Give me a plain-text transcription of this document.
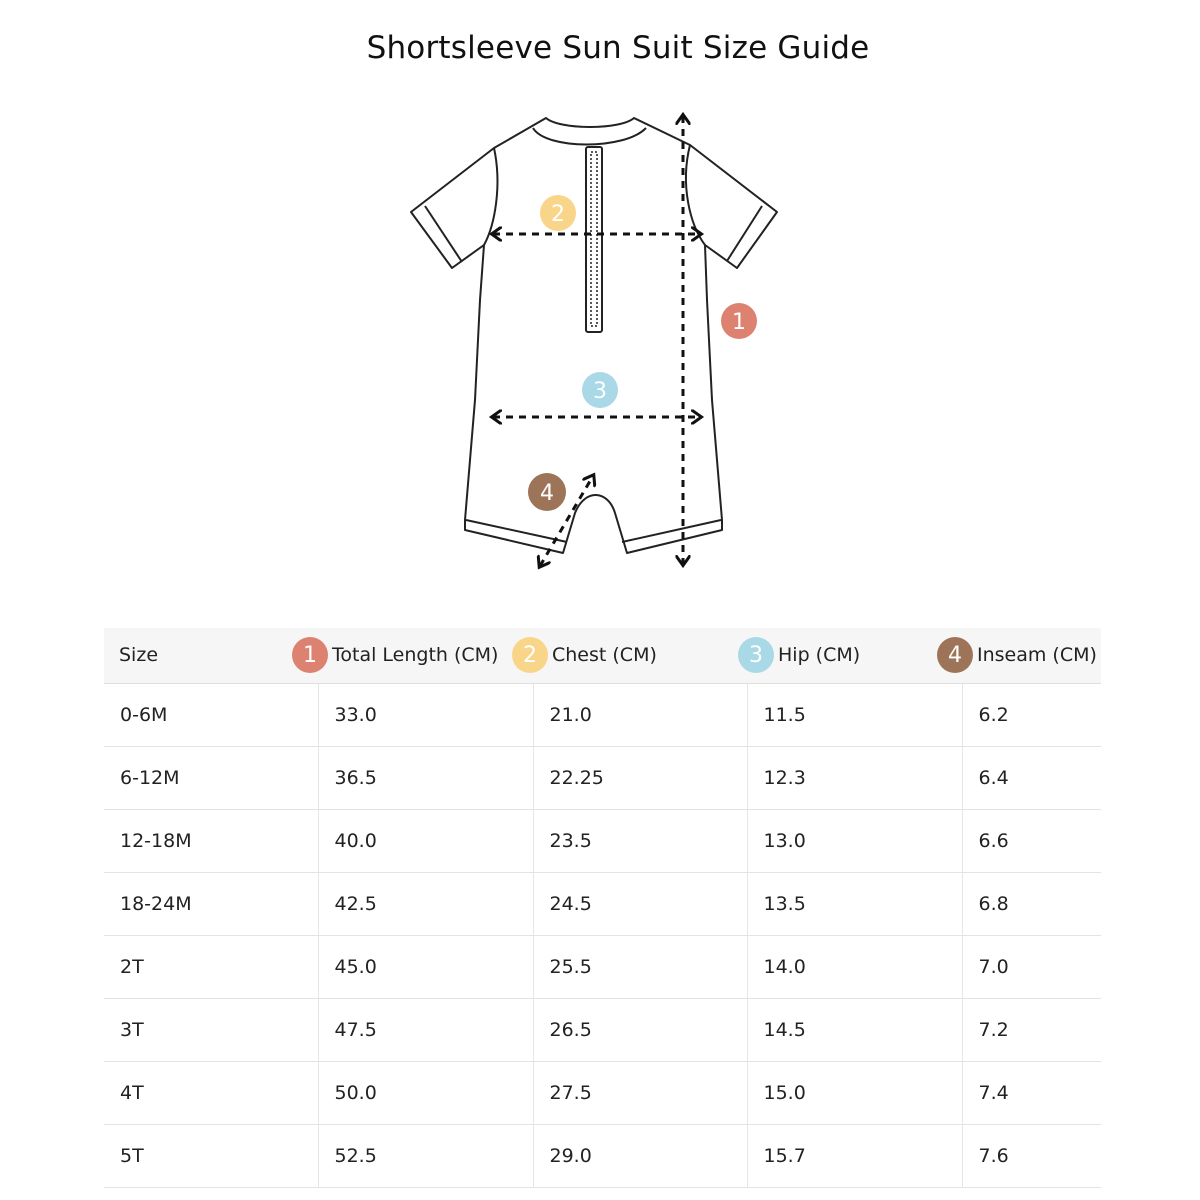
Shortsleeve Sun Suit Size Guide
1
2
3
4
Size	1 Total Length (CM)	2 Chest (CM)	3 Hip (CM)	4 Inseam (CM)

0-6M	33.0	21.0	11.5	6.2
6-12M	36.5	22.25	12.3	6.4
12-18M	40.0	23.5	13.0	6.6
18-24M	42.5	24.5	13.5	6.8
2T	45.0	25.5	14.0	7.0
3T	47.5	26.5	14.5	7.2
4T	50.0	27.5	15.0	7.4
5T	52.5	29.0	15.7	7.6
